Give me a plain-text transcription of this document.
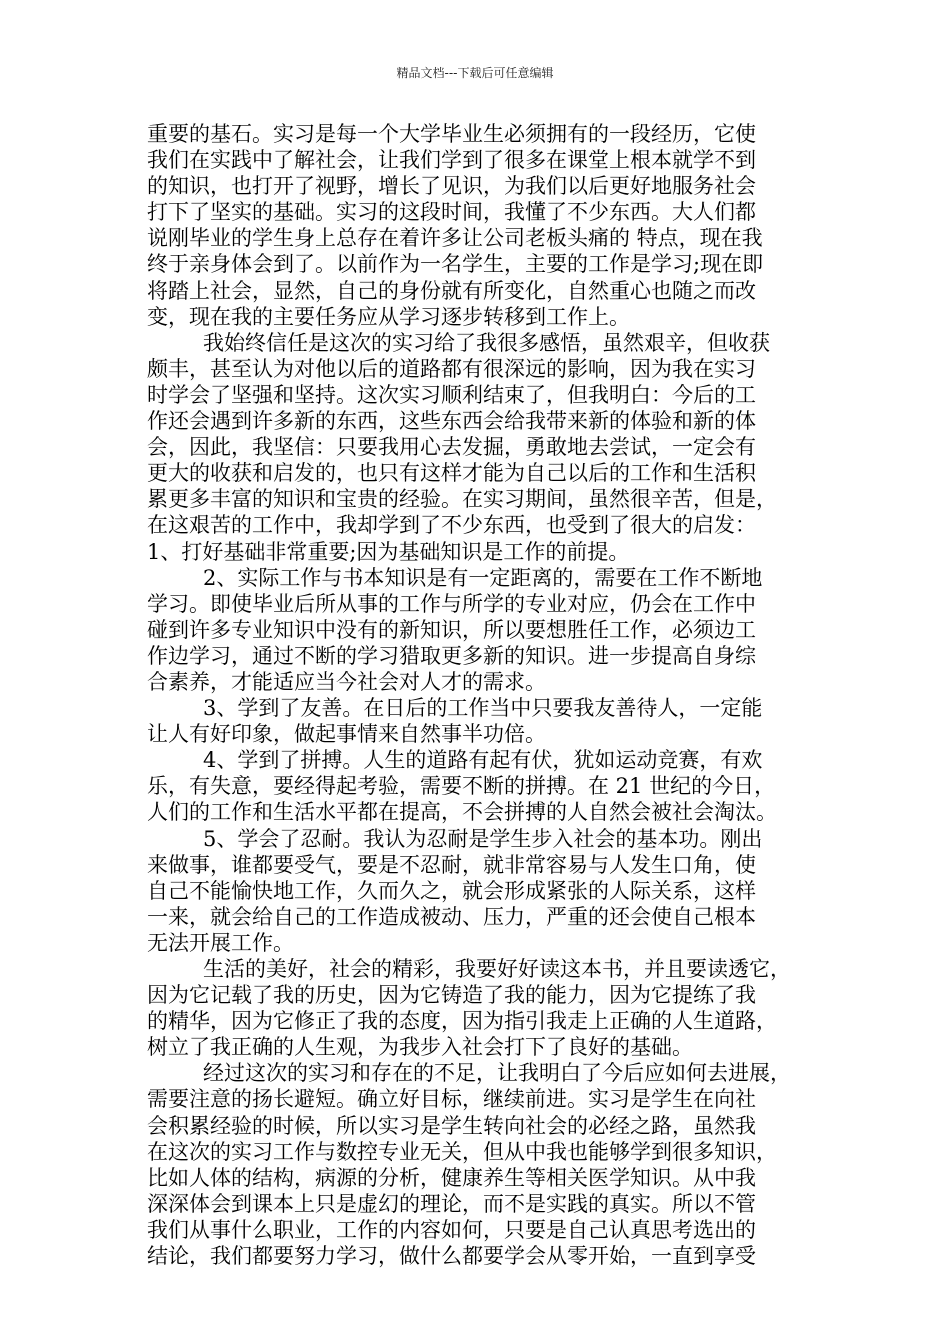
精品文档---下载后可任意编辑
重要的基石。实习是每一个大学毕业生必须拥有的一段经历，它使
我们在实践中了解社会，让我们学到了很多在课堂上根本就学不到
的知识，也打开了视野，增长了见识，为我们以后更好地服务社会
打下了坚实的基础。实习的这段时间，我懂了不少东西。大人们都
说刚毕业的学生身上总存在着许多让公司老板头痛的 特点，现在我
终于亲身体会到了。以前作为一名学生，主要的工作是学习;现在即
将踏上社会，显然，自己的身份就有所变化，自然重心也随之而改
变，现在我的主要任务应从学习逐步转移到工作上。
我始终信任是这次的实习给了我很多感悟，虽然艰辛，但收获
颇丰，甚至认为对他以后的道路都有很深远的影响，因为我在实习
时学会了坚强和坚持。这次实习顺利结束了，但我明白：今后的工
作还会遇到许多新的东西，这些东西会给我带来新的体验和新的体
会，因此，我坚信：只要我用心去发掘，勇敢地去尝试，一定会有
更大的收获和启发的，也只有这样才能为自己以后的工作和生活积
累更多丰富的知识和宝贵的经验。在实习期间，虽然很辛苦，但是，
在这艰苦的工作中，我却学到了不少东西，也受到了很大的启发：
1、打好基础非常重要;因为基础知识是工作的前提。
2、实际工作与书本知识是有一定距离的，需要在工作不断地
学习。即使毕业后所从事的工作与所学的专业对应，仍会在工作中
碰到许多专业知识中没有的新知识，所以要想胜任工作，必须边工
作边学习，通过不断的学习猎取更多新的知识。进一步提高自身综
合素养，才能适应当今社会对人才的需求。
3、学到了友善。在日后的工作当中只要我友善待人，一定能
让人有好印象，做起事情来自然事半功倍。
4、学到了拼搏。人生的道路有起有伏，犹如运动竞赛，有欢
乐，有失意，要经得起考验，需要不断的拼搏。在 21 世纪的今日，
人们的工作和生活水平都在提高，不会拼搏的人自然会被社会淘汰。
5、学会了忍耐。我认为忍耐是学生步入社会的基本功。刚出
来做事，谁都要受气，要是不忍耐，就非常容易与人发生口角，使
自己不能愉快地工作，久而久之，就会形成紧张的人际关系，这样
一来，就会给自己的工作造成被动、压力，严重的还会使自己根本
无法开展工作。
生活的美好，社会的精彩，我要好好读这本书，并且要读透它，
因为它记载了我的历史，因为它铸造了我的能力，因为它提练了我
的精华，因为它修正了我的态度，因为指引我走上正确的人生道路，
树立了我正确的人生观，为我步入社会打下了良好的基础。
经过这次的实习和存在的不足，让我明白了今后应如何去进展，
需要注意的扬长避短。确立好目标，继续前进。实习是学生在向社
会积累经验的时候，所以实习是学生转向社会的必经之路，虽然我
在这次的实习工作与数控专业无关，但从中我也能够学到很多知识，
比如人体的结构，病源的分析，健康养生等相关医学知识。从中我
深深体会到课本上只是虚幻的理论，而不是实践的真实。所以不管
我们从事什么职业，工作的内容如何，只要是自己认真思考选出的
结论，我们都要努力学习，做什么都要学会从零开始，一直到享受
